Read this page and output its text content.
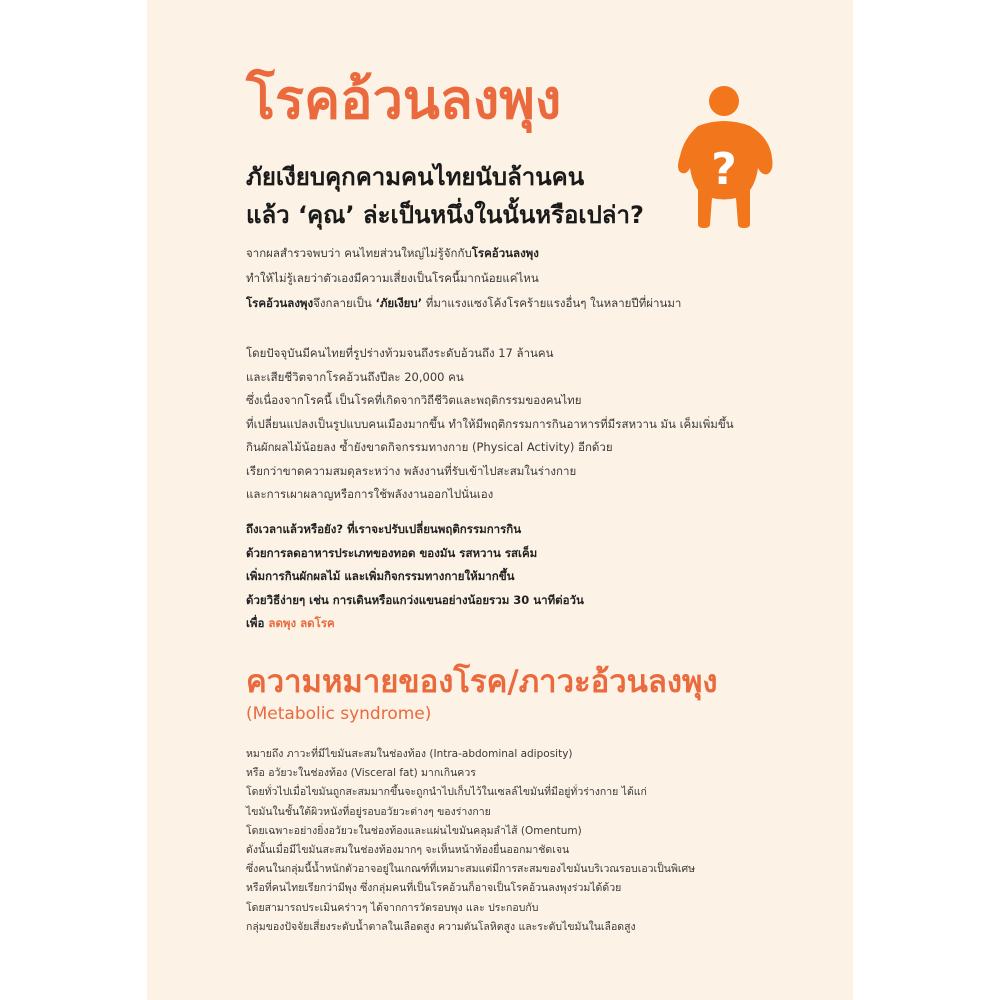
โรคอ้วนลงพุง
?
ภัยเงียบคุกคามคนไทยนับล้านคน
แล้ว ‘คุณ’ ล่ะเป็นหนึ่งในนั้นหรือเปล่า?

จากผลสำรวจพบว่า คนไทยส่วนใหญ่ไม่รู้จักกับโรคอ้วนลงพุง
ทำให้ไม่รู้เลยว่าตัวเองมีความเสี่ยงเป็นโรคนี้มากน้อยแค่ไหน
โรคอ้วนลงพุงจึงกลายเป็น ‘ภัยเงียบ’ ที่มาแรงแซงโค้งโรคร้ายแรงอื่นๆ ในหลายปีที่ผ่านมา

โดยปัจจุบันมีคนไทยที่รูปร่างท้วมจนถึงระดับอ้วนถึง 17 ล้านคน
และเสียชีวิตจากโรคอ้วนถึงปีละ 20,000 คน
ซึ่งเนื่องจากโรคนี้ เป็นโรคที่เกิดจากวิถีชีวิตและพฤติกรรมของคนไทย
ที่เปลี่ยนแปลงเป็นรูปแบบคนเมืองมากขึ้น ทำให้มีพฤติกรรมการกินอาหารที่มีรสหวาน มัน เค็มเพิ่มขึ้น
กินผักผลไม้น้อยลง ซ้ำยังขาดกิจกรรมทางกาย (Physical Activity) อีกด้วย
เรียกว่าขาดความสมดุลระหว่าง พลังงานที่รับเข้าไปสะสมในร่างกาย
และการเผาผลาญหรือการใช้พลังงานออกไปนั่นเอง

ถึงเวลาแล้วหรือยัง? ที่เราจะปรับเปลี่ยนพฤติกรรมการกิน
ด้วยการลดอาหารประเภทของทอด ของมัน รสหวาน รสเค็ม
เพิ่มการกินผักผลไม้ และเพิ่มกิจกรรมทางกายให้มากขึ้น
ด้วยวิธีง่ายๆ เช่น การเดินหรือแกว่งแขนอย่างน้อยรวม 30 นาทีต่อวัน
เพื่อ ลดพุง ลดโรค

ความหมายของโรค/ภาวะอ้วนลงพุง

(Metabolic syndrome)

หมายถึง ภาวะที่มีไขมันสะสมในช่องท้อง (Intra-abdominal adiposity)
หรือ อวัยวะในช่องท้อง (Visceral fat) มากเกินควร
โดยทั่วไปเมื่อไขมันถูกสะสมมากขึ้นจะถูกนำไปเก็บไว้ในเซลล์ไขมันที่มีอยู่ทั่วร่างกาย ได้แก่
ไขมันในชั้นใต้ผิวหนังที่อยู่รอบอวัยวะต่างๆ ของร่างกาย
โดยเฉพาะอย่างยิ่งอวัยวะในช่องท้องและแผ่นไขมันคลุมลำไส้ (Omentum)
ดังนั้นเมื่อมีไขมันสะสมในช่องท้องมากๆ จะเห็นหน้าท้องยื่นออกมาชัดเจน
ซึ่งคนในกลุ่มนี้น้ำหนักตัวอาจอยู่ในเกณฑ์ที่เหมาะสมแต่มีการสะสมของไขมันบริเวณรอบเอวเป็นพิเศษ
หรือที่คนไทยเรียกว่ามีพุง ซึ่งกลุ่มคนที่เป็นโรคอ้วนก็อาจเป็นโรคอ้วนลงพุงร่วมได้ด้วย
โดยสามารถประเมินคร่าวๆ ได้จากการวัดรอบพุง และ ประกอบกับ
กลุ่มของปัจจัยเสี่ยงระดับน้ำตาลในเลือดสูง ความดันโลหิตสูง และระดับไขมันในเลือดสูง
